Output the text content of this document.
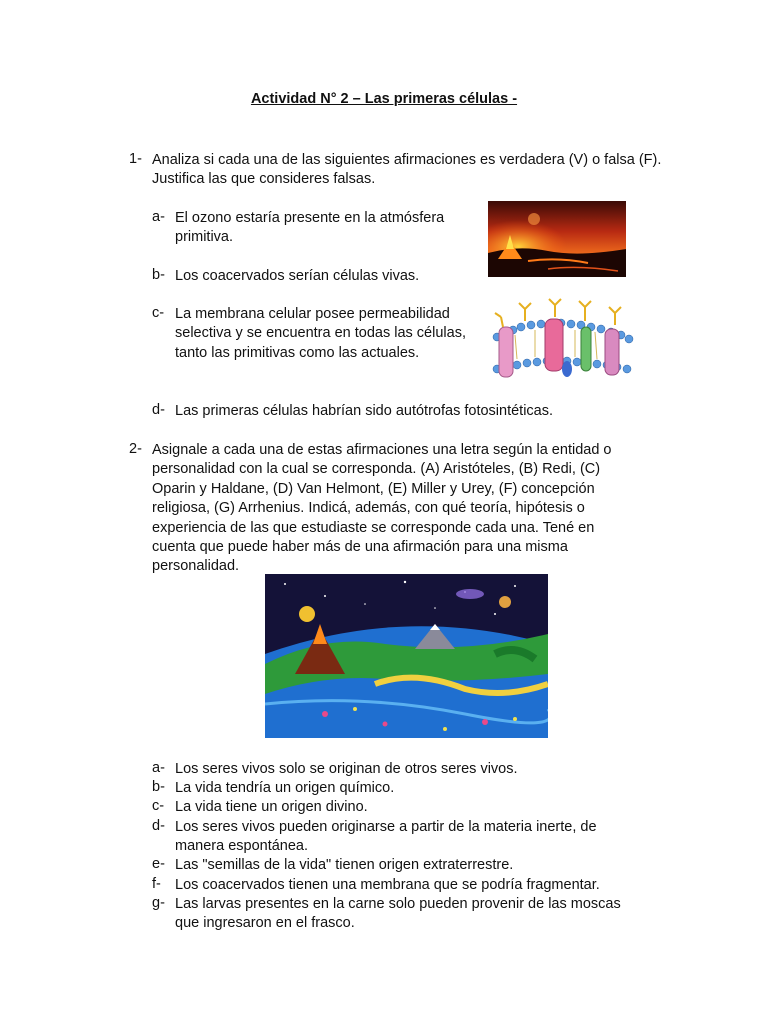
Actividad N° 2 – Las primeras células -
1- Analiza si cada una de las siguientes afirmaciones es verdadera (V) o falsa (F). Justifica las que consideres falsas.
a- El ozono estaría presente en la atmósfera primitiva.
b- Los coacervados serían células vivas.
c- La membrana celular posee permeabilidad selectiva y se encuentra en todas las células, tanto las primitivas como las actuales.
d- Las primeras células habrían sido autótrofas fotosintéticas.
2- Asignale a cada una de estas afirmaciones una letra según la entidad o personalidad con la cual se corresponda. (A) Aristóteles, (B) Redi, (C) Oparin y Haldane, (D) Van Helmont, (E) Miller y Urey, (F) concepción religiosa, (G) Arrhenius. Indicá, además, con qué teoría, hipótesis o experiencia de las que estudiaste se corresponde cada una. Tené en cuenta que puede haber más de una afirmación para una misma personalidad.
a- Los seres vivos solo se originan de otros seres vivos.
b- La vida tendría un origen químico.
c- La vida tiene un origen divino.
d- Los seres vivos pueden originarse a partir de la materia inerte, de manera espontánea.
e- Las "semillas de la vida" tienen origen extraterrestre.
f- Los coacervados tienen una membrana que se podría fragmentar.
g- Las larvas presentes en la carne solo pueden provenir de las moscas que ingresaron en el frasco.
